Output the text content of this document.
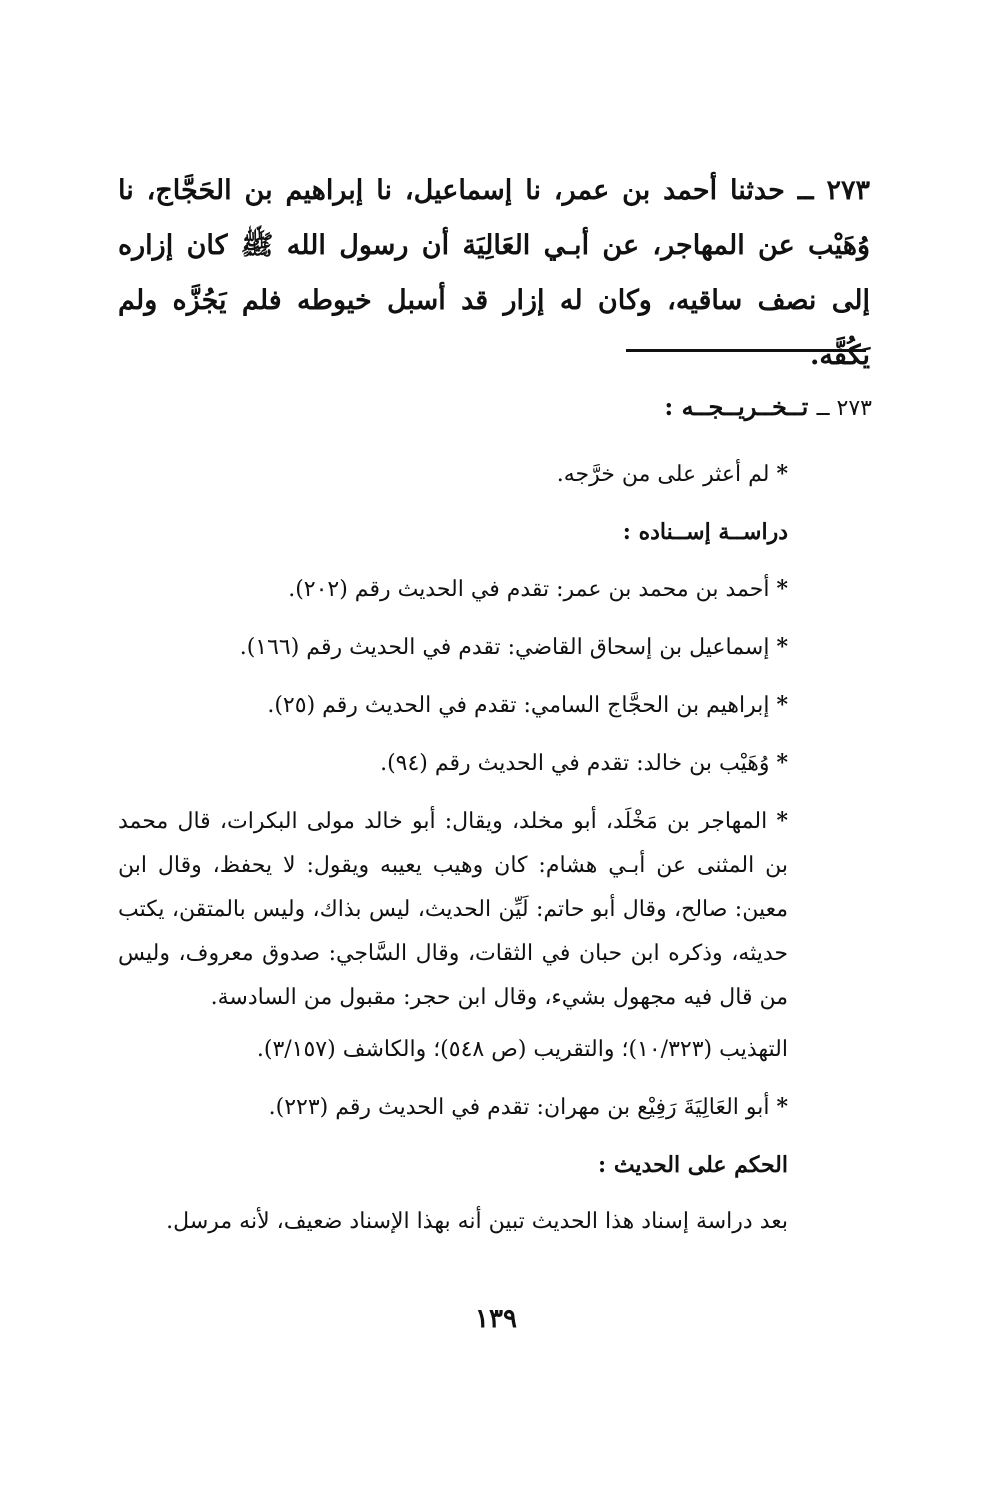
٢٧٣ ــ حدثنا أحمد بن عمر، نا إسماعيل، نا إبراهيم بن الحَجَّاج، نا وُهَيْب عن المهاجر، عن أبـي العَالِيَة أن رسول الله ﷺ كان إزاره إلى نصف ساقيه، وكان له إزار قد أسبل خيوطه فلم يَجُزَّه ولم يَكُفَّه.

٢٧٣ ــ تــخــريــجــه :

* لم أعثر على من خرَّجه.

دراســة إســناده :

* أحمد بن محمد بن عمر: تقدم في الحديث رقم (٢٠٢).

* إسماعيل بن إسحاق القاضي: تقدم في الحديث رقم (١٦٦).

* إبراهيم بن الحجَّاج السامي: تقدم في الحديث رقم (٢٥).

* وُهَيْب بن خالد: تقدم في الحديث رقم (٩٤).

* المهاجر بن مَخْلَد، أبو مخلد، ويقال: أبو خالد مولى البكرات، قال محمد بن المثنى عن أبـي هشام: كان وهيب يعيبه ويقول: لا يحفظ، وقال ابن معين: صالح، وقال أبو حاتم: لَيِّن الحديث، ليس بذاك، وليس بالمتقن، يكتب حديثه، وذكره ابن حبان في الثقات، وقال السَّاجي: صدوق معروف، وليس من قال فيه مجهول بشيء، وقال ابن حجر: مقبول من السادسة.

التهذيب (١٠/٣٢٣)؛ والتقريب (ص ٥٤٨)؛ والكاشف (٣/١٥٧).

* أبو العَالِيَةَ رَفِيْع بن مهران: تقدم في الحديث رقم (٢٢٣).

الحكم على الحديث :

بعد دراسة إسناد هذا الحديث تبين أنه بهذا الإسناد ضعيف، لأنه مرسل.

١٣٩
